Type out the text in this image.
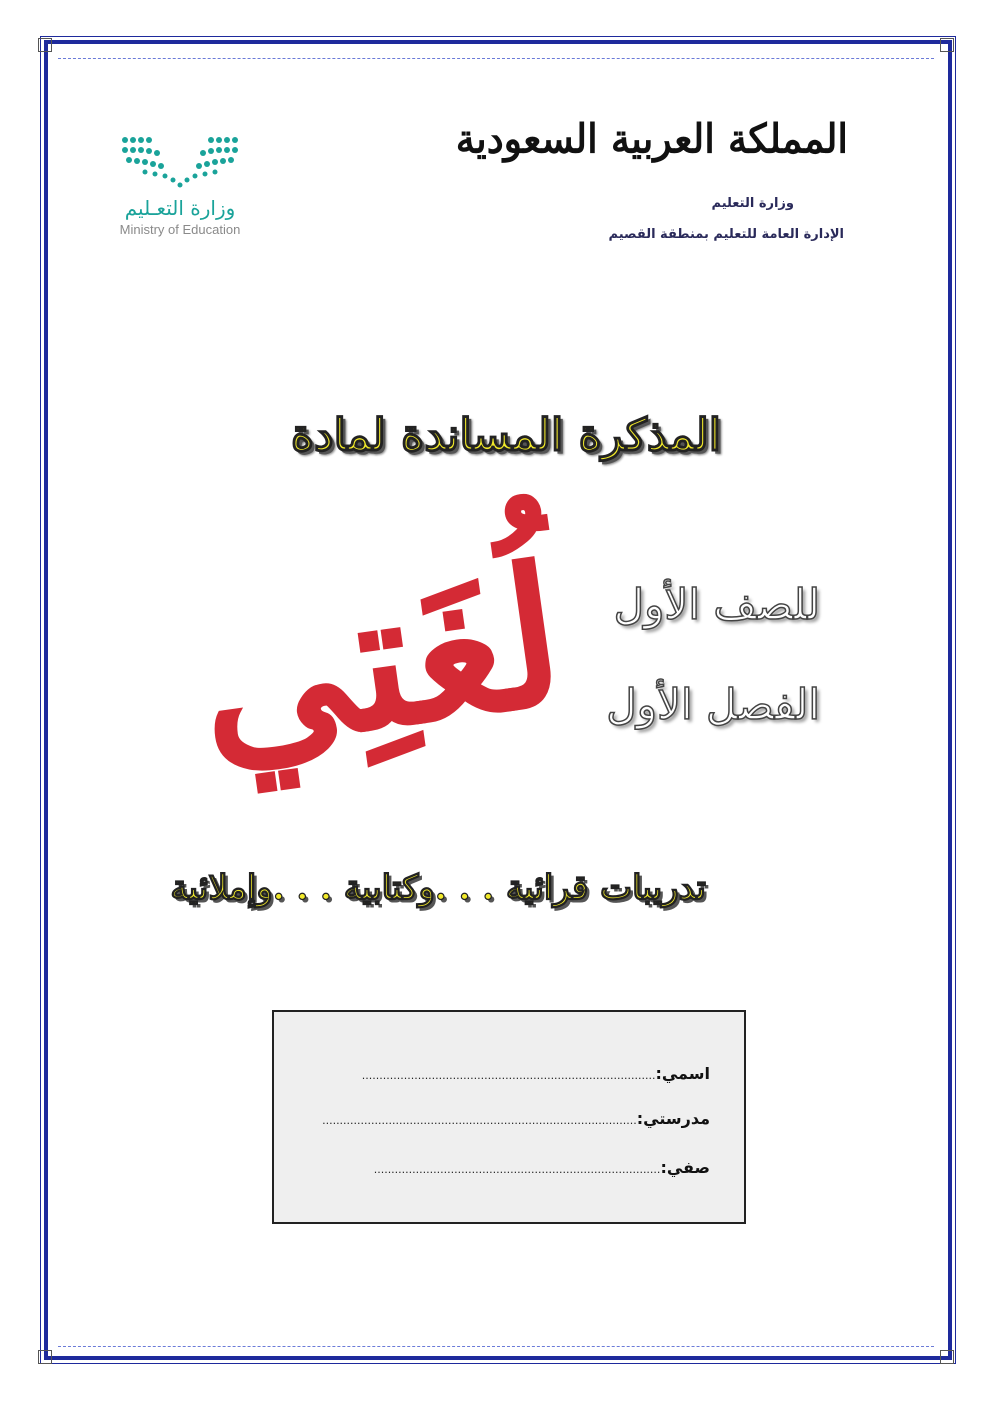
المملكة العربية السعودية
وزارة التعليم
الإدارة العامة للتعليم بمنطقة القصيم
وزارة التعـليم
Ministry of Education
المذكرة المساندة لمادة
لُغَتِي للصف الأول
الفصل الأول
تدريبات قرائية . . .وكتابية . . .وإملائية
اسمي:
....................................................................................
مدرستي:
..........................................................................................
صفي:
..................................................................................
